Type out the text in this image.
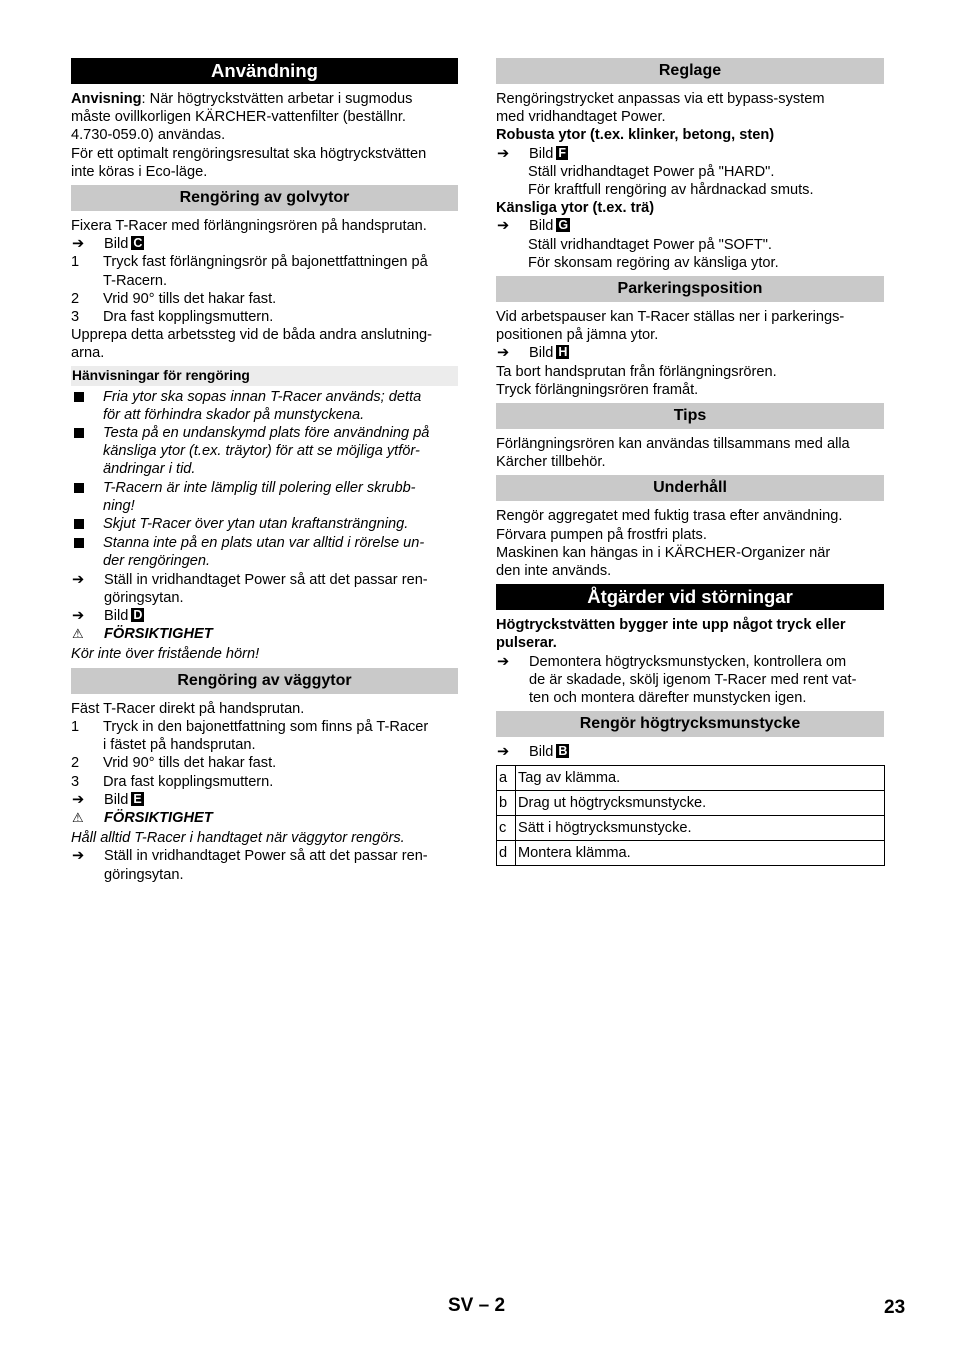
Användning
Anvisning: När högtryckstvätten arbetar i sugmodus
måste ovillkorligen KÄRCHER-vattenfilter (beställnr.
4.730-059.0) användas.
För ett optimalt rengöringsresultat ska högtryckstvätten
inte köras i Eco-läge.
Rengöring av golvytor
Fixera T-Racer med förlängningsrören på handsprutan.
➔	Bild C
1	Tryck fast förlängningsrör på bajonettfattningen på
T-Racern.
2	Vrid 90° tills det hakar fast.
3	Dra fast kopplingsmuttern.
Upprepa detta arbetssteg vid de båda andra anslutning-
arna.
Hänvisningar för rengöring
Fria ytor ska sopas innan T-Racer används; detta
för att förhindra skador på munstyckena.
Testa på en undanskymd plats före användning på
känsliga ytor (t.ex. träytor) för att se möjliga ytför-
ändringar i tid.
T-Racern är inte lämplig till polering eller skrubb-
ning!
Skjut T-Racer över ytan utan kraftansträngning.
Stanna inte på en plats utan var alltid i rörelse un-
der rengöringen.
➔	Ställ in vridhandtaget Power så att det passar ren-
göringsytan.
➔	Bild D
⚠	FÖRSIKTIGHET
Kör inte över fristående hörn!
Rengöring av väggytor
Fäst T-Racer direkt på handsprutan.
1	Tryck in den bajonettfattning som finns på T-Racer
i fästet på handsprutan.
2	Vrid 90° tills det hakar fast.
3	Dra fast kopplingsmuttern.
➔	Bild E
⚠	FÖRSIKTIGHET
Håll alltid T-Racer i handtaget när väggytor rengörs.
➔	Ställ in vridhandtaget Power så att det passar ren-
göringsytan.
Reglage
Rengöringstrycket anpassas via ett bypass-system
med vridhandtaget Power.
Robusta ytor (t.ex. klinker, betong, sten)
➔	Bild F
Ställ vridhandtaget Power på "HARD".
För kraftfull rengöring av hårdnackad smuts.
Känsliga ytor (t.ex. trä)
➔	Bild G
Ställ vridhandtaget Power på "SOFT".
För skonsam regöring av känsliga ytor.
Parkeringsposition
Vid arbetspauser kan T-Racer ställas ner i parkerings-
positionen på jämna ytor.
➔	Bild H
Ta bort handsprutan från förlängningsrören.
Tryck förlängningsrören framåt.
Tips
Förlängningsrören kan användas tillsammans med alla
Kärcher tillbehör.
Underhåll
Rengör aggregatet med fuktig trasa efter användning.
Förvara pumpen på frostfri plats.
Maskinen kan hängas in i KÄRCHER-Organizer när
den inte används.
Åtgärder vid störningar
Högtryckstvätten bygger inte upp något tryck eller
pulserar.
➔	Demontera högtrycksmunstycken, kontrollera om
de är skadade, skölj igenom T-Racer med rent vat-
ten och montera därefter munstycken igen.
Rengör högtrycksmunstycke
➔	Bild B
a	Tag av klämma.
b	Drag ut högtrycksmunstycke.
c	Sätt i högtrycksmunstycke.
d	Montera klämma.
SV – 2	23
